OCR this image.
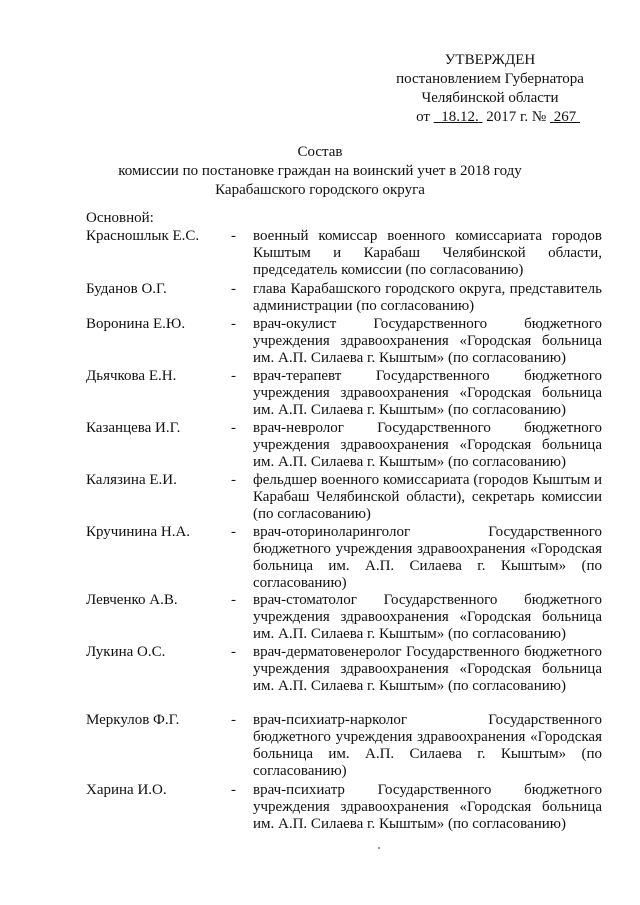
УТВЕРЖДЕН
постановлением Губернатора
Челябинской области
от 18.12. 2017 г. № 267
Состав
комиссии по постановке граждан на воинский учет в 2018 году
Карабашского городского округа
Основной:
Красношлык Е.С.	-	военный комиссар военного комиссариата городов Кыштым и Карабаш Челябинской области, председатель комиссии (по согласованию)
Буданов О.Г.	-	глава Карабашского городского округа, представитель администрации (по согласованию)
Воронина Е.Ю.	-	врач-окулист Государственного бюджетного учреждения здравоохранения «Городская больница им. А.П. Силаева г. Кыштым» (по согласованию)
Дьячкова Е.Н.	-	врач-терапевт Государственного бюджетного учреждения здравоохранения «Городская больница им. А.П. Силаева г. Кыштым» (по согласованию)
Казанцева И.Г.	-	врач-невролог Государственного бюджетного учреждения здравоохранения «Городская больница им. А.П. Силаева г. Кыштым» (по согласованию)
Калязина Е.И.	-	фельдшер военного комиссариата (городов Кыштым и Карабаш Челябинской области), секретарь комиссии (по согласованию)
Кручинина Н.А.	-	врач-оториноларинголог Государственного бюджетного учреждения здравоохранения «Городская больница им. А.П. Силаева г. Кыштым» (по согласованию)
Левченко А.В.	-	врач-стоматолог Государственного бюджетного учреждения здравоохранения «Городская больница им. А.П. Силаева г. Кыштым» (по согласованию)
Лукина О.С.	-	врач-дерматовенеролог Государственного бюджетного учреждения здравоохранения «Городская больница им. А.П. Силаева г. Кыштым» (по согласованию)
Меркулов Ф.Г.	-	врач-психиатр-нарколог Государственного бюджетного учреждения здравоохранения «Городская больница им. А.П. Силаева г. Кыштым» (по согласованию)
Харина И.О.	-	врач-психиатр Государственного бюджетного учреждения здравоохранения «Городская больница им. А.П. Силаева г. Кыштым» (по согласованию)
